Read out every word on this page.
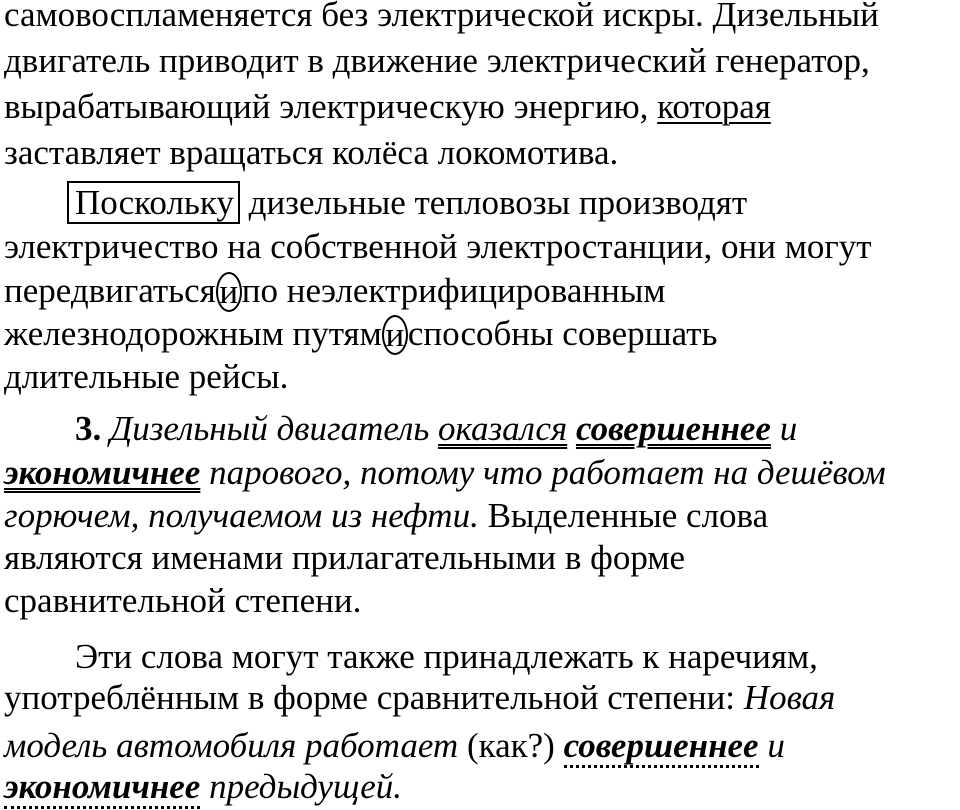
самовоспламеняется без электрической искры. Дизельный
двигатель приводит в движение электрический генератор,
вырабатывающий электрическую энергию, которая
заставляет вращаться колёса локомотива.
Поскольку дизельные тепловозы производят
электричество на собственной электростанции, они могут
передвигаться и по неэлектрифицированным
железнодорожным путям и способны совершать
длительные рейсы.
3. Дизельный двигатель оказался совершеннее и
экономичнее парового, потому что работает на дешёвом
горючем, получаемом из нефти. Выделенные слова
являются именами прилагательными в форме
сравнительной степени.
Эти слова могут также принадлежать к наречиям,
употреблённым в форме сравнительной степени: Новая
модель автомобиля работает (как?) совершеннее и
экономичнее предыдущей.
